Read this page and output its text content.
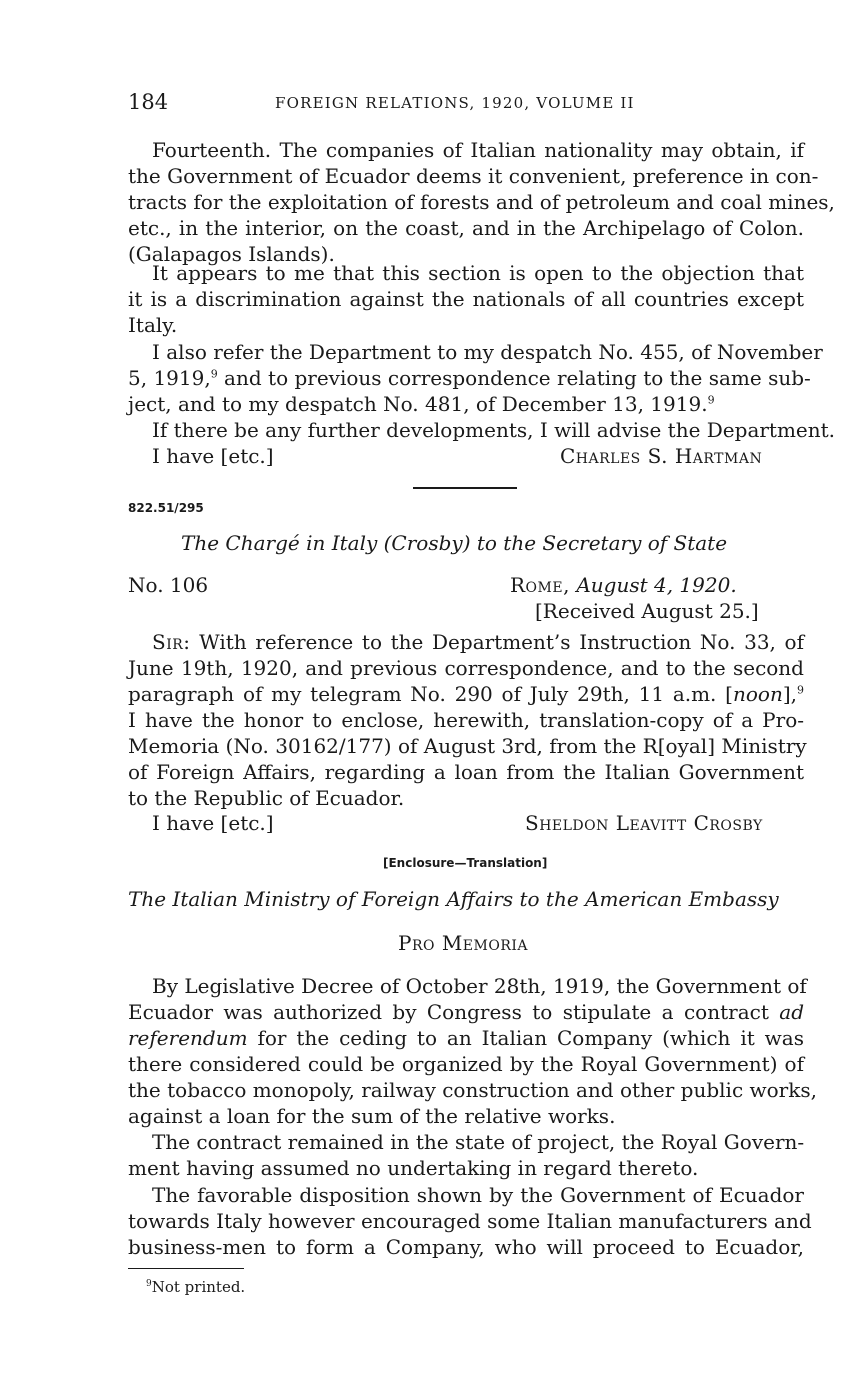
184	FOREIGN RELATIONS, 1920, VOLUME II
Fourteenth. The companies of Italian nationality may obtain, if
the Government of Ecuador deems it convenient, preference in con-
tracts for the exploitation of forests and of petroleum and coal mines,
etc., in the interior, on the coast, and in the Archipelago of Colon.
(Galapagos Islands).
It appears to me that this section is open to the objection that
it is a discrimination against the nationals of all countries except
Italy.
I also refer the Department to my despatch No. 455, of November
5, 1919,$^9$ and to previous correspondence relating to the same sub-
ject, and to my despatch No. 481, of December 13, 1919.$^9$
If there be any further developments, I will advise the Department.
I have [etc.]	Charles S. Hartman
822.51/295
The Chargé in Italy (Crosby) to the Secretary of State
No. 106	Rome, August 4, 1920.
[Received August 25.]
Sir: With reference to the Department’s Instruction No. 33, of
June 19th, 1920, and previous correspondence, and to the second
paragraph of my telegram No. 290 of July 29th, 11 a.m. [noon],$^9$
I have the honor to enclose, herewith, translation-copy of a Pro-
Memoria (No. 30162/177) of August 3rd, from the R[oyal] Ministry
of Foreign Affairs, regarding a loan from the Italian Government
to the Republic of Ecuador.
I have [etc.]	Sheldon Leavitt Crosby
[Enclosure—Translation]
The Italian Ministry of Foreign Affairs to the American Embassy
Pro Memoria
By Legislative Decree of October 28th, 1919, the Government of
Ecuador was authorized by Congress to stipulate a contract ad
referendum for the ceding to an Italian Company (which it was
there considered could be organized by the Royal Government) of
the tobacco monopoly, railway construction and other public works,
against a loan for the sum of the relative works.
The contract remained in the state of project, the Royal Govern-
ment having assumed no undertaking in regard thereto.
The favorable disposition shown by the Government of Ecuador
towards Italy however encouraged some Italian manufacturers and
business-men to form a Company, who will proceed to Ecuador,
$^9$Not printed.
